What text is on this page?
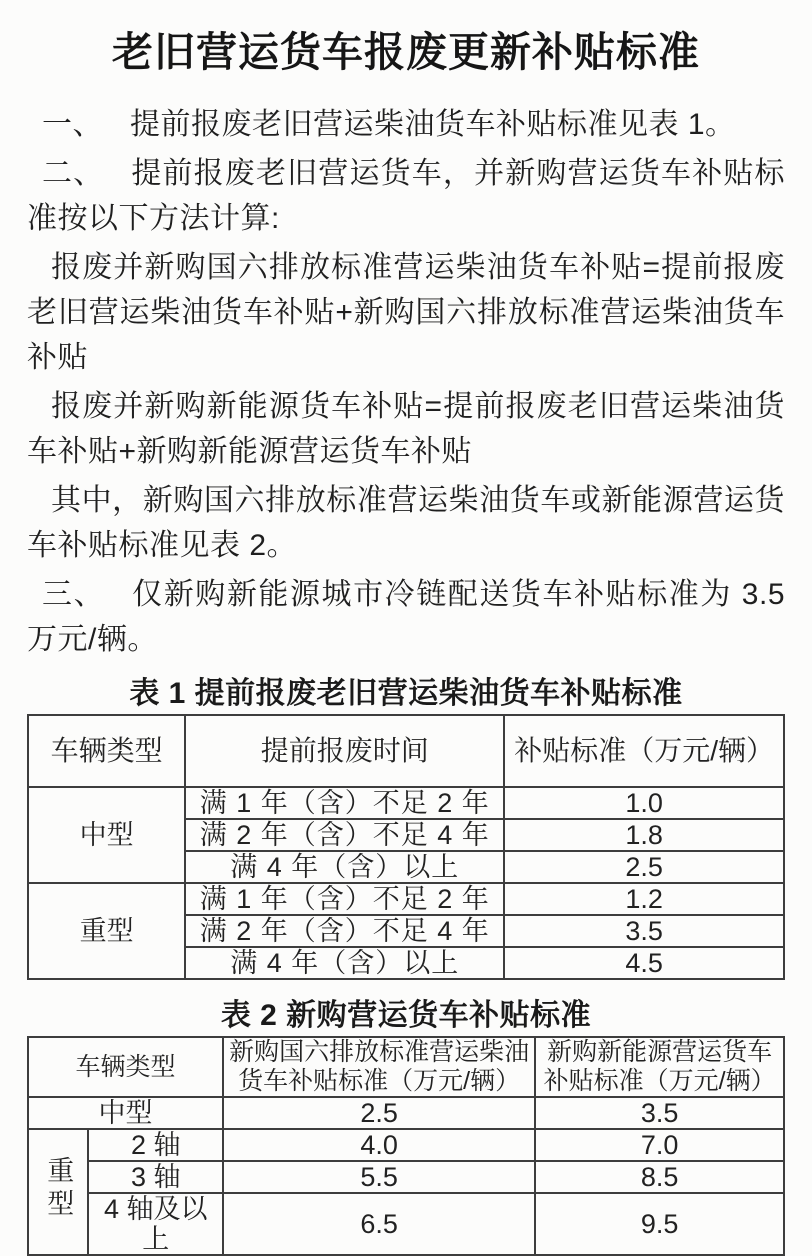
老旧营运货车报废更新补贴标准

一、 提前报废老旧营运柴油货车补贴标准见表 1。

二、 提前报废老旧营运货车，并新购营运货车补贴标准按以下方法计算:

报废并新购国六排放标准营运柴油货车补贴=提前报废老旧营运柴油货车补贴+新购国六排放标准营运柴油货车补贴

报废并新购新能源货车补贴=提前报废老旧营运柴油货车补贴+新购新能源营运货车补贴

其中，新购国六排放标准营运柴油货车或新能源营运货车补贴标准见表 2。

三、 仅新购新能源城市冷链配送货车补贴标准为 3.5 万元/辆。

表 1 提前报废老旧营运柴油货车补贴标准
车辆类型	提前报废时间	补贴标准（万元/辆）
中型	满 1 年（含）不足 2 年	1.0
	满 2 年（含）不足 4 年	1.8
	满 4 年（含）以上	2.5
重型	满 1 年（含）不足 2 年	1.2
	满 2 年（含）不足 4 年	3.5
	满 4 年（含）以上	4.5
表 2 新购营运货车补贴标准
车辆类型		新购国六排放标准营运柴油货车补贴标准（万元/辆）	新购新能源营运货车补贴标准（万元/辆）
中型		2.5	3.5
重型	2 轴	4.0	7.0
	3 轴	5.5	8.5
	4 轴及以上	6.5	9.5
